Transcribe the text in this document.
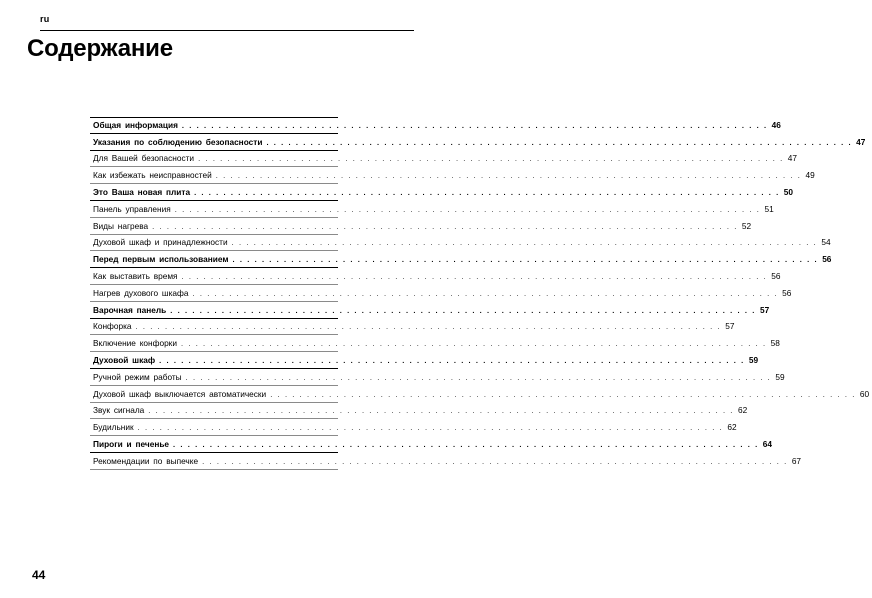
ru
Содержание
Общая информация . . . . . . . . . . . . . . . . . . . . . . . . . . . . . . . . . . . . . . . . . . . . . . . . . . . . . . . . . . . . . . . . . . . . . . . . . . . . . . . . 46
Указания по соблюдению безопасности . . . . . . . . . . . . . . . . . . . . . . . . . . . . . . . . . . . . . . . . . . . . . . . . . . . . . . . . . . . . . . . . . . . . . . . . . . . . . . . . 47
Для Вашей безопасности . . . . . . . . . . . . . . . . . . . . . . . . . . . . . . . . . . . . . . . . . . . . . . . . . . . . . . . . . . . . . . . . . . . . . . . . . . . . . . . . 47
Как избежать неисправностей . . . . . . . . . . . . . . . . . . . . . . . . . . . . . . . . . . . . . . . . . . . . . . . . . . . . . . . . . . . . . . . . . . . . . . . . . . . . . . . . 49
Это Ваша новая плита . . . . . . . . . . . . . . . . . . . . . . . . . . . . . . . . . . . . . . . . . . . . . . . . . . . . . . . . . . . . . . . . . . . . . . . . . . . . . . . . 50
Панель управления . . . . . . . . . . . . . . . . . . . . . . . . . . . . . . . . . . . . . . . . . . . . . . . . . . . . . . . . . . . . . . . . . . . . . . . . . . . . . . . . 51
Виды нагрева . . . . . . . . . . . . . . . . . . . . . . . . . . . . . . . . . . . . . . . . . . . . . . . . . . . . . . . . . . . . . . . . . . . . . . . . . . . . . . . . 52
Духовой шкаф и принадлежности . . . . . . . . . . . . . . . . . . . . . . . . . . . . . . . . . . . . . . . . . . . . . . . . . . . . . . . . . . . . . . . . . . . . . . . . . . . . . . . . 54
Перед первым использованием . . . . . . . . . . . . . . . . . . . . . . . . . . . . . . . . . . . . . . . . . . . . . . . . . . . . . . . . . . . . . . . . . . . . . . . . . . . . . . . . 56
Как выставить время . . . . . . . . . . . . . . . . . . . . . . . . . . . . . . . . . . . . . . . . . . . . . . . . . . . . . . . . . . . . . . . . . . . . . . . . . . . . . . . . 56
Нагрев духового шкафа . . . . . . . . . . . . . . . . . . . . . . . . . . . . . . . . . . . . . . . . . . . . . . . . . . . . . . . . . . . . . . . . . . . . . . . . . . . . . . . . 56
Варочная панель . . . . . . . . . . . . . . . . . . . . . . . . . . . . . . . . . . . . . . . . . . . . . . . . . . . . . . . . . . . . . . . . . . . . . . . . . . . . . . . . 57
Конфорка . . . . . . . . . . . . . . . . . . . . . . . . . . . . . . . . . . . . . . . . . . . . . . . . . . . . . . . . . . . . . . . . . . . . . . . . . . . . . . . . 57
Включение конфорки . . . . . . . . . . . . . . . . . . . . . . . . . . . . . . . . . . . . . . . . . . . . . . . . . . . . . . . . . . . . . . . . . . . . . . . . . . . . . . . . 58
Духовой шкаф . . . . . . . . . . . . . . . . . . . . . . . . . . . . . . . . . . . . . . . . . . . . . . . . . . . . . . . . . . . . . . . . . . . . . . . . . . . . . . . . 59
Ручной режим работы . . . . . . . . . . . . . . . . . . . . . . . . . . . . . . . . . . . . . . . . . . . . . . . . . . . . . . . . . . . . . . . . . . . . . . . . . . . . . . . . 59
Духовой шкаф выключается автоматически . . . . . . . . . . . . . . . . . . . . . . . . . . . . . . . . . . . . . . . . . . . . . . . . . . . . . . . . . . . . . . . . . . . . . . . . . . . . . . . . 60
Звук сигнала . . . . . . . . . . . . . . . . . . . . . . . . . . . . . . . . . . . . . . . . . . . . . . . . . . . . . . . . . . . . . . . . . . . . . . . . . . . . . . . . 62
Будильник . . . . . . . . . . . . . . . . . . . . . . . . . . . . . . . . . . . . . . . . . . . . . . . . . . . . . . . . . . . . . . . . . . . . . . . . . . . . . . . . 62
Пироги и печенье . . . . . . . . . . . . . . . . . . . . . . . . . . . . . . . . . . . . . . . . . . . . . . . . . . . . . . . . . . . . . . . . . . . . . . . . . . . . . . . . 64
Рекомендации по выпечке . . . . . . . . . . . . . . . . . . . . . . . . . . . . . . . . . . . . . . . . . . . . . . . . . . . . . . . . . . . . . . . . . . . . . . . . . . . . . . . . 67
44
